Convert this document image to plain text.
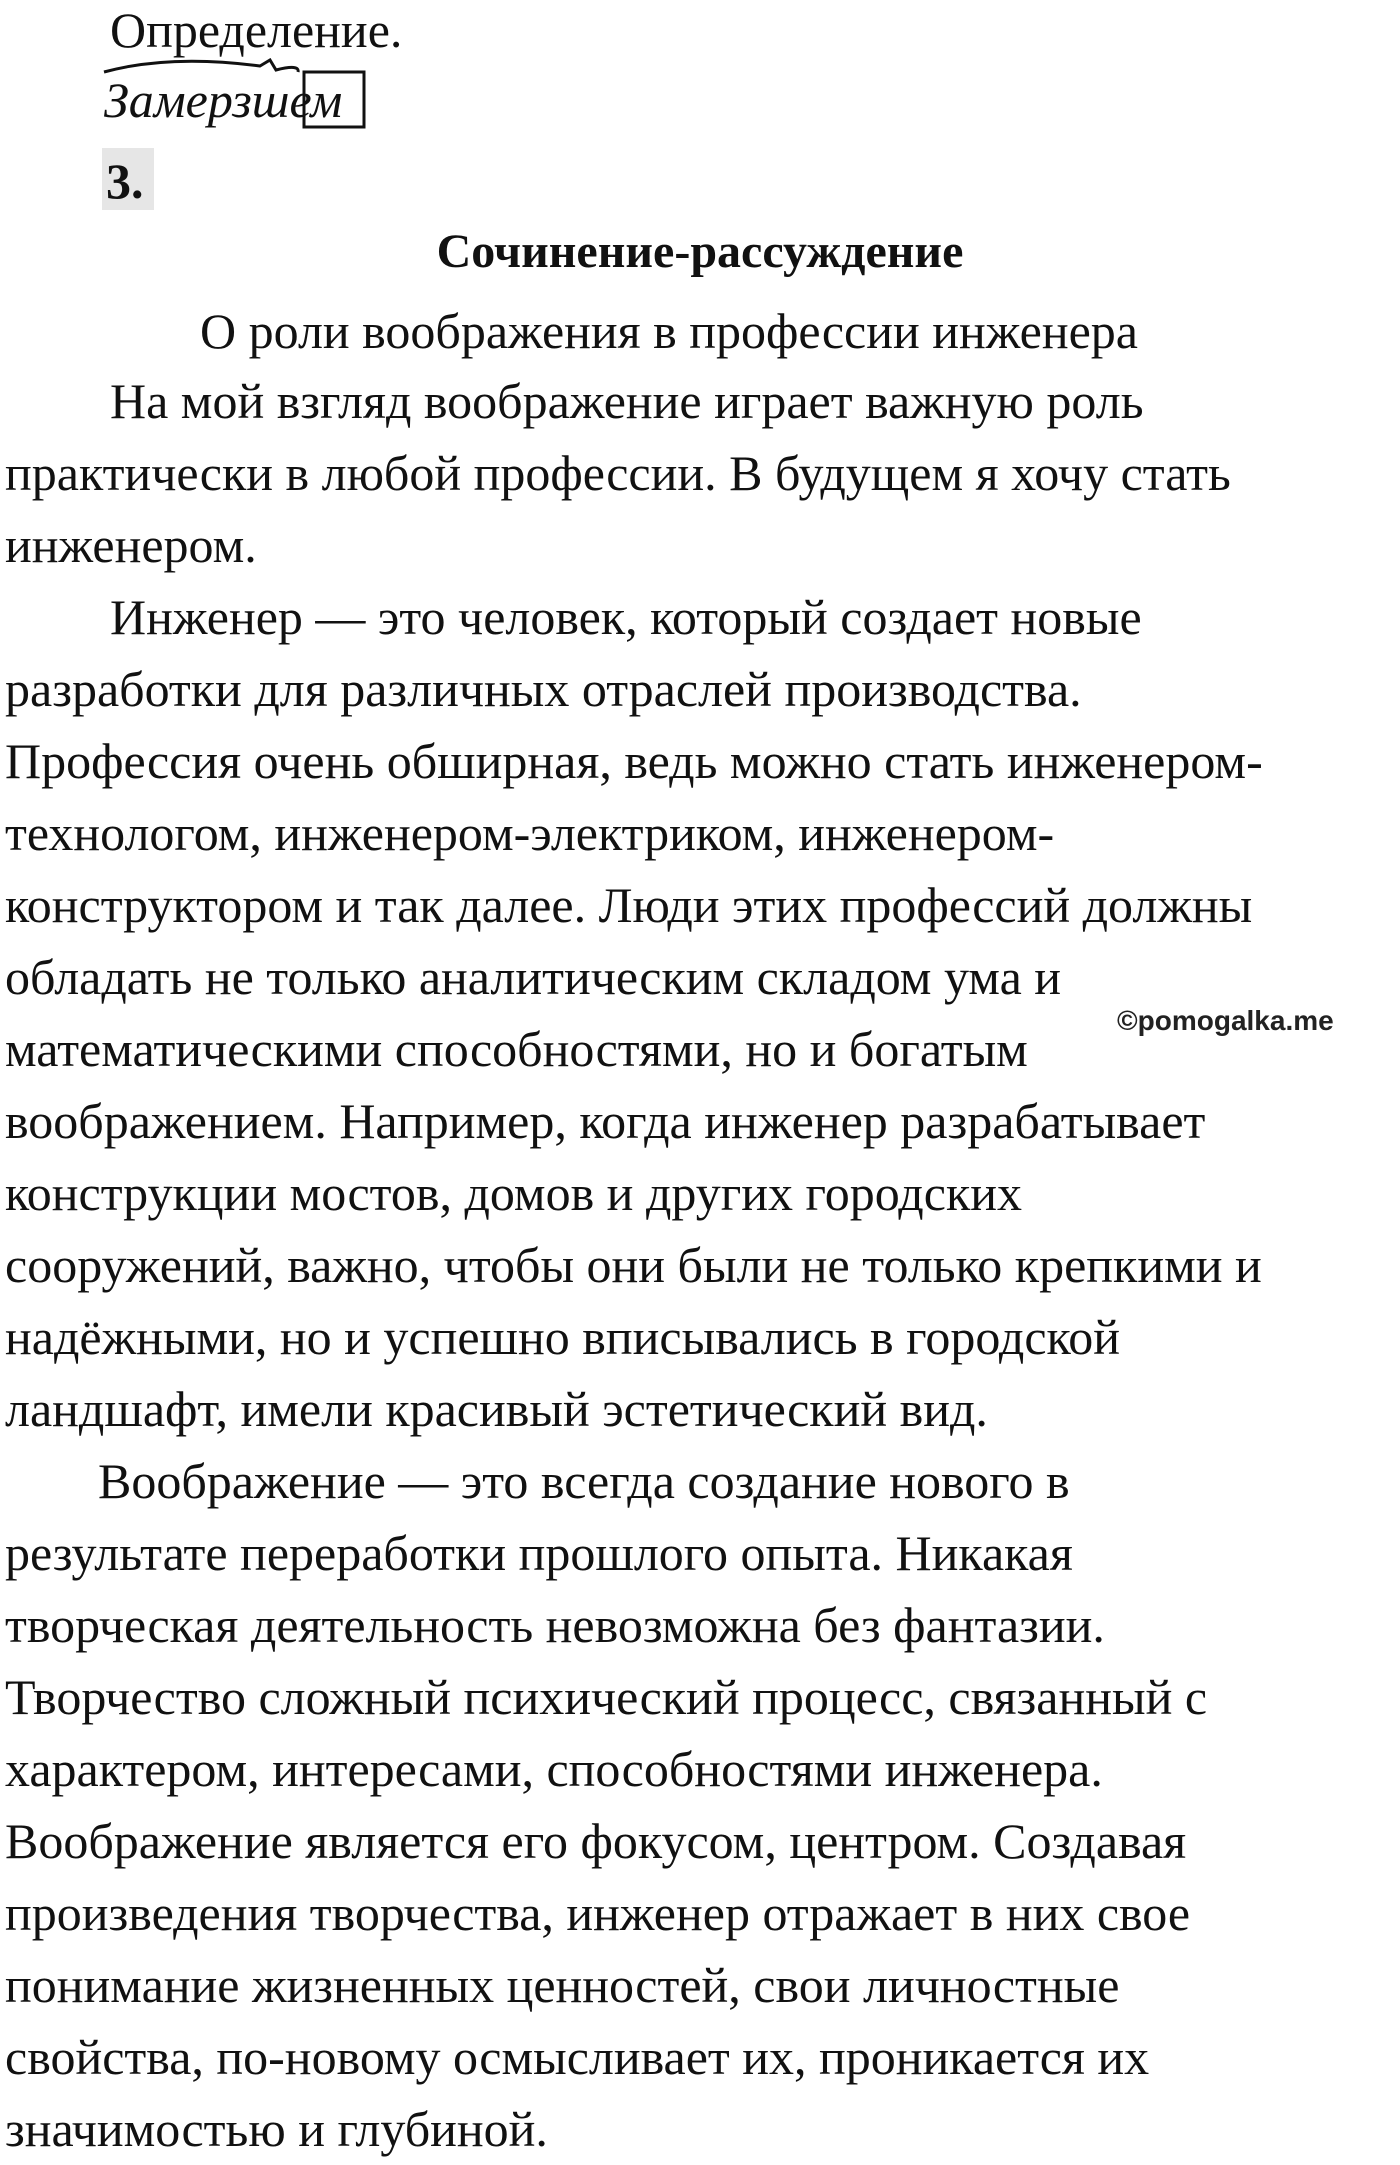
Определение.
Замерзшем
3.
Сочинение-рассуждение
О роли воображения в профессии инженера
На мой взгляд воображение играет важную роль
практически в любой профессии. В будущем я хочу стать
инженером.
Инженер — это человек, который создает новые
разработки для различных отраслей производства.
Профессия очень обширная, ведь можно стать инженером-
технологом, инженером-электриком, инженером-
конструктором и так далее. Люди этих профессий должны
обладать не только аналитическим складом ума и
математическими способностями, но и богатым
воображением. Например, когда инженер разрабатывает
конструкции мостов, домов и других городских
сооружений, важно, чтобы они были не только крепкими и
надёжными, но и успешно вписывались в городской
ландшафт, имели красивый эстетический вид.
Воображение — это всегда создание нового в
результате переработки прошлого опыта. Никакая
творческая деятельность невозможна без фантазии.
Творчество сложный психический процесс, связанный с
характером, интересами, способностями инженера.
Воображение является его фокусом, центром. Создавая
произведения творчества, инженер отражает в них свое
понимание жизненных ценностей, свои личностные
свойства, по-новому осмысливает их, проникается их
значимостью и глубиной.
©pomogalka.me
